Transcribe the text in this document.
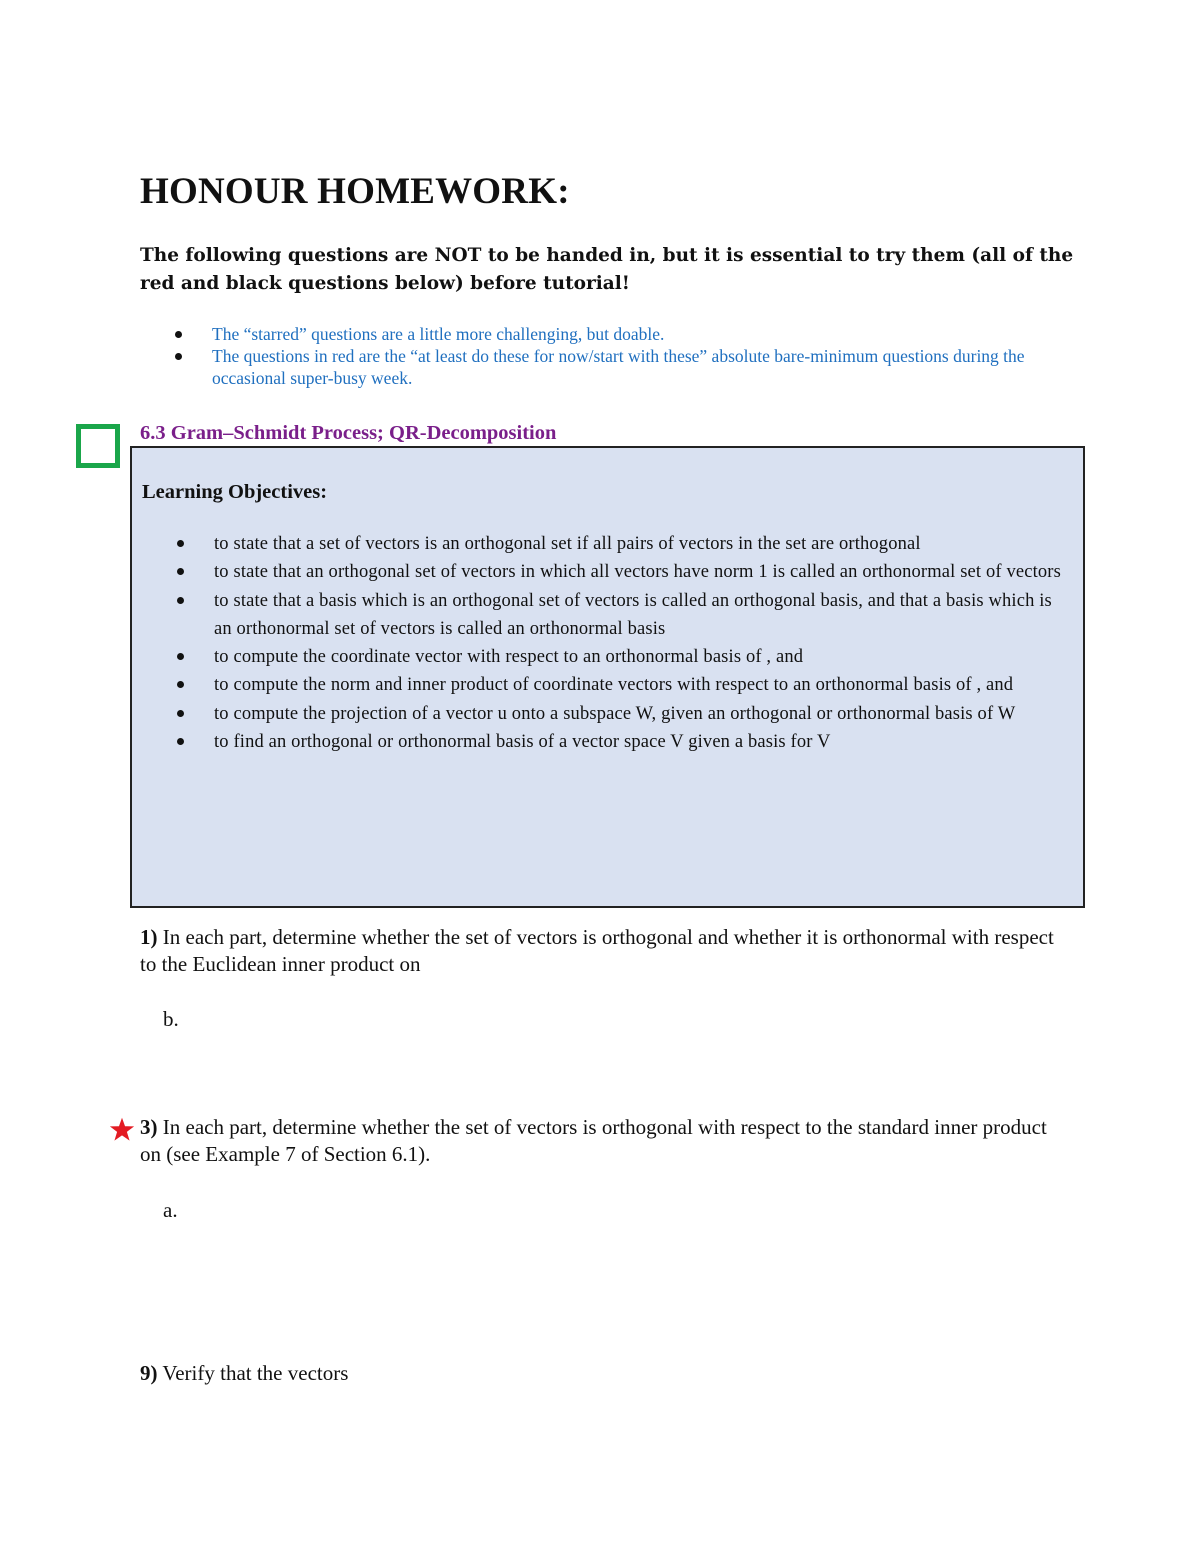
HONOUR HOMEWORK:
The following questions are NOT to be handed in, but it is essential to try them (all of the red and black questions below) before tutorial!
The “starred” questions are a little more challenging, but doable.
The questions in red are the “at least do these for now/start with these” absolute bare-minimum questions during the occasional super-busy week.
6.3 Gram–Schmidt Process; QR-Decomposition
Learning Objectives:
to state that a set of vectors is an orthogonal set if all pairs of vectors in the set are orthogonal
to state that an orthogonal set of vectors in which all vectors have norm 1 is called an orthonormal set of vectors
to state that a basis which is an orthogonal set of vectors is called an orthogonal basis, and that a basis which is an orthonormal set of vectors is called an orthonormal basis
to compute the coordinate vector with respect to an orthonormal basis of , and
to compute the norm and inner product of coordinate vectors with respect to an orthonormal basis of , and
to compute the projection of a vector u onto a subspace W, given an orthogonal or orthonormal basis of W
to find an orthogonal or orthonormal basis of a vector space V given a basis for V
1) In each part, determine whether the set of vectors is orthogonal and whether it is orthonormal with respect to the Euclidean inner product on
b.
3) In each part, determine whether the set of vectors is orthogonal with respect to the standard inner product on (see Example 7 of Section 6.1).
a.
9) Verify that the vectors
